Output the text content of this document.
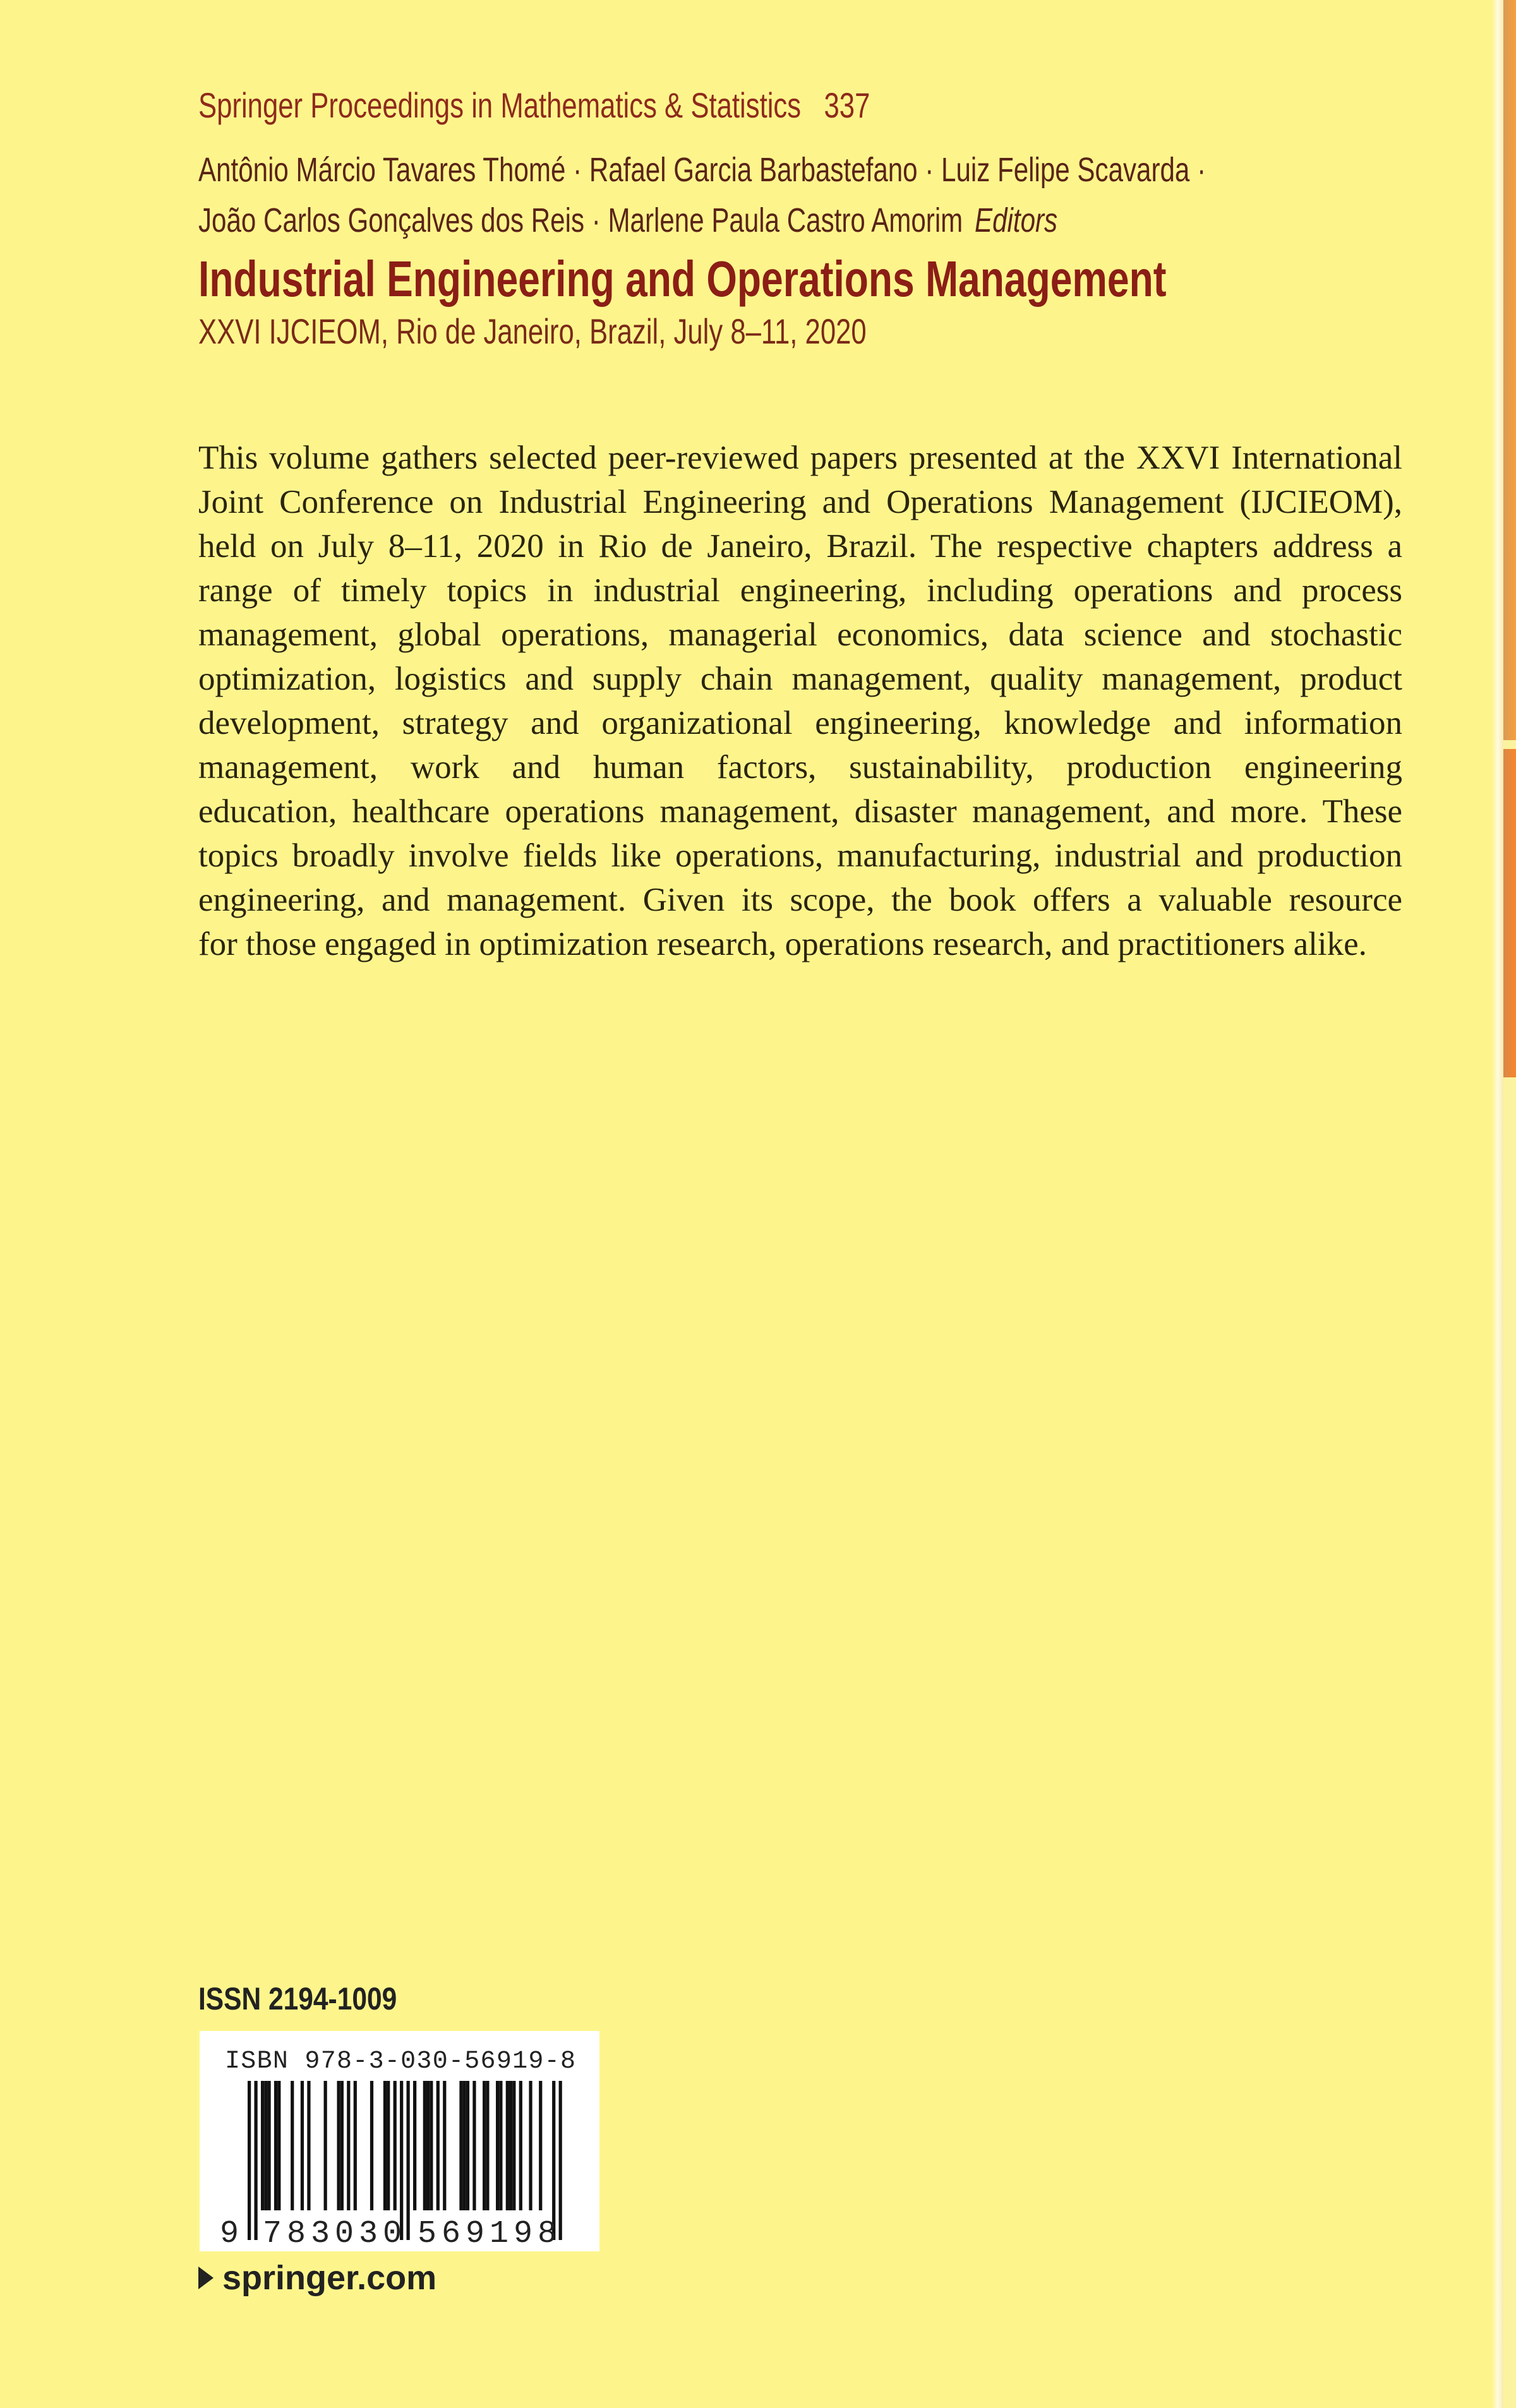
Springer Proceedings in Mathematics & Statistics 337
Antônio Márcio Tavares Thomé · Rafael Garcia Barbastefano · Luiz Felipe Scavarda ·
João Carlos Gonçalves dos Reis · Marlene Paula Castro Amorim Editors
Industrial Engineering and Operations Management
XXVI IJCIEOM, Rio de Janeiro, Brazil, July 8–11, 2020
This volume gathers selected peer-reviewed papers presented at the XXVI International
Joint Conference on Industrial Engineering and Operations Management (IJCIEOM),
held on July 8–11, 2020 in Rio de Janeiro, Brazil. The respective chapters address a
range of timely topics in industrial engineering, including operations and process
management, global operations, managerial economics, data science and stochastic
optimization, logistics and supply chain management, quality management, product
development, strategy and organizational engineering, knowledge and information
management, work and human factors, sustainability, production engineering
education, healthcare operations management, disaster management, and more. These
topics broadly involve fields like operations, manufacturing, industrial and production
engineering, and management. Given its scope, the book offers a valuable resource
for those engaged in optimization research, operations research, and practitioners alike.
ISSN 2194-1009
ISBN 978-3-030-56919-8
9 783030 569198
springer.com
